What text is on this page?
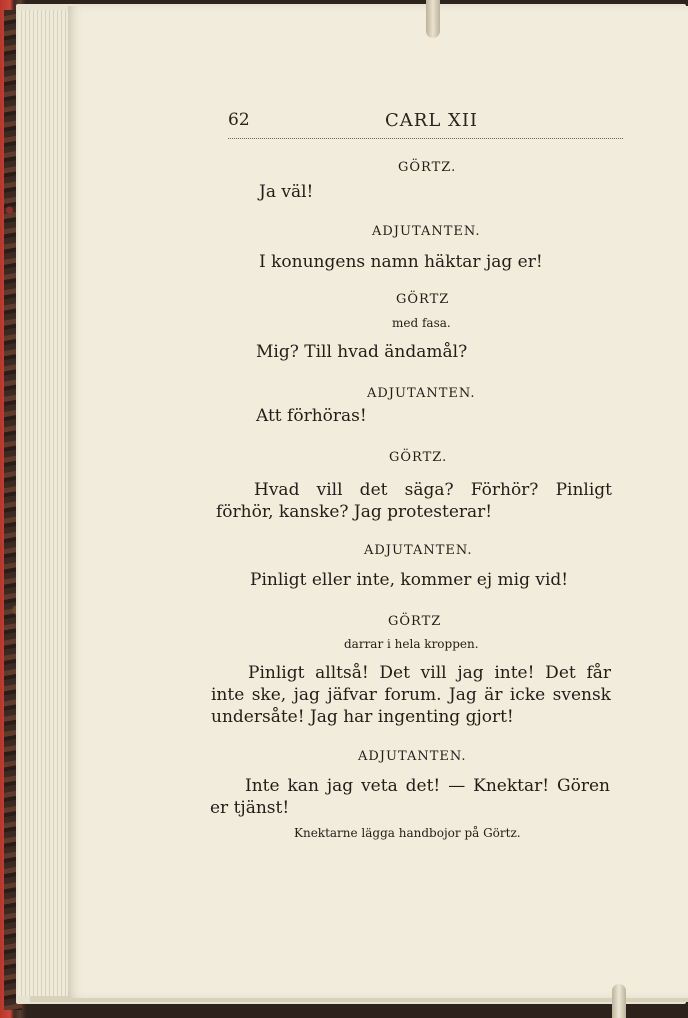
62	CARL XII
GÖRTZ.
Ja väl!
ADJUTANTEN.
I konungens namn häktar jag er!
GÖRTZ
med fasa.
Mig? Till hvad ändamål?
ADJUTANTEN.
Att förhöras!
GÖRTZ.
Hvad vill det säga? Förhör? Pinligt förhör, kanske? Jag protesterar!
ADJUTANTEN.
Pinligt eller inte, kommer ej mig vid!
GÖRTZ
darrar i hela kroppen.
Pinligt alltså! Det vill jag inte! Det får inte ske, jag jäfvar forum. Jag är icke svensk undersåte! Jag har ingenting gjort!
ADJUTANTEN.
Inte kan jag veta det! — Knektar! Gören er tjänst!
Knektarne lägga handbojor på Görtz.
